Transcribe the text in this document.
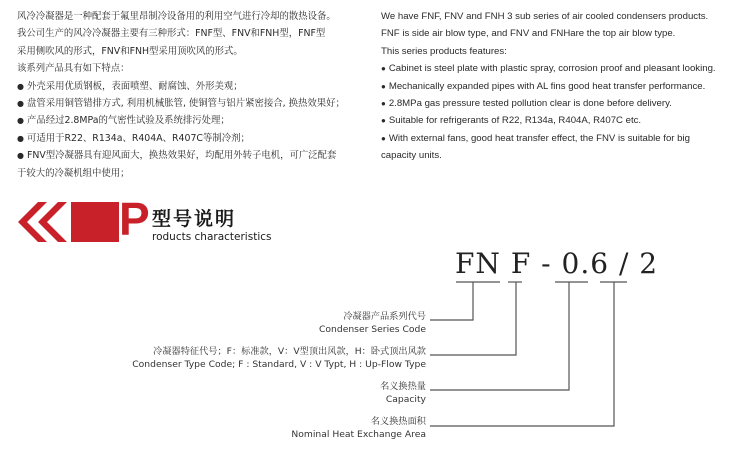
风冷冷凝器是一种配套于氟里昂制冷设备用的利用空气进行冷却的散热设备。

我公司生产的风冷冷凝器主要有三种形式：FNF型、FNV和FNH型，FNF型

采用侧吹风的形式，FNV和FNH型采用顶吹风的形式。

该系列产品具有如下特点：

● 外壳采用优质钢板，表面喷塑、耐腐蚀、外形美观；

● 盘管采用铜管错排方式, 利用机械胀管, 使铜管与铝片紧密接合, 换热效果好；

● 产品经过2.8MPa的气密性试验及系统排污处理；

● 可适用于R22、R134a、R404A、R407C等制冷剂；

● FNV型冷凝器具有迎风面大，换热效果好，均配用外转子电机，可广泛配套

于较大的冷凝机组中使用；

We have FNF, FNV and FNH 3 sub series of air cooled condensers products.

FNF is side air blow type, and FNV and FNHare the top air blow type.

This series products features:

● Cabinet is steel plate with plastic spray, corrosion proof and pleasant looking.

● Mechanically expanded pipes with AL fins good heat transfer performance.

● 2.8MPa gas pressure tested pollution clear is done before delivery.

● Suitable for refrigerants of R22, R134a, R404A, R407C etc.

● With external fans, good heat transfer effect, the FNV is suitable for big

capacity units.

P 型号说明
roducts characteristics
FN F - 0.6 / 2
冷凝器产品系列代号
Condenser Series Code
冷凝器特征代号；F：标准款，V：V型顶出风款，H：卧式顶出风款
Condenser Type Code; F : Standard, V : V Typt, H : Up-Flow Type
名义换热量
Capacity
名义换热面积
Nominal Heat Exchange Area
